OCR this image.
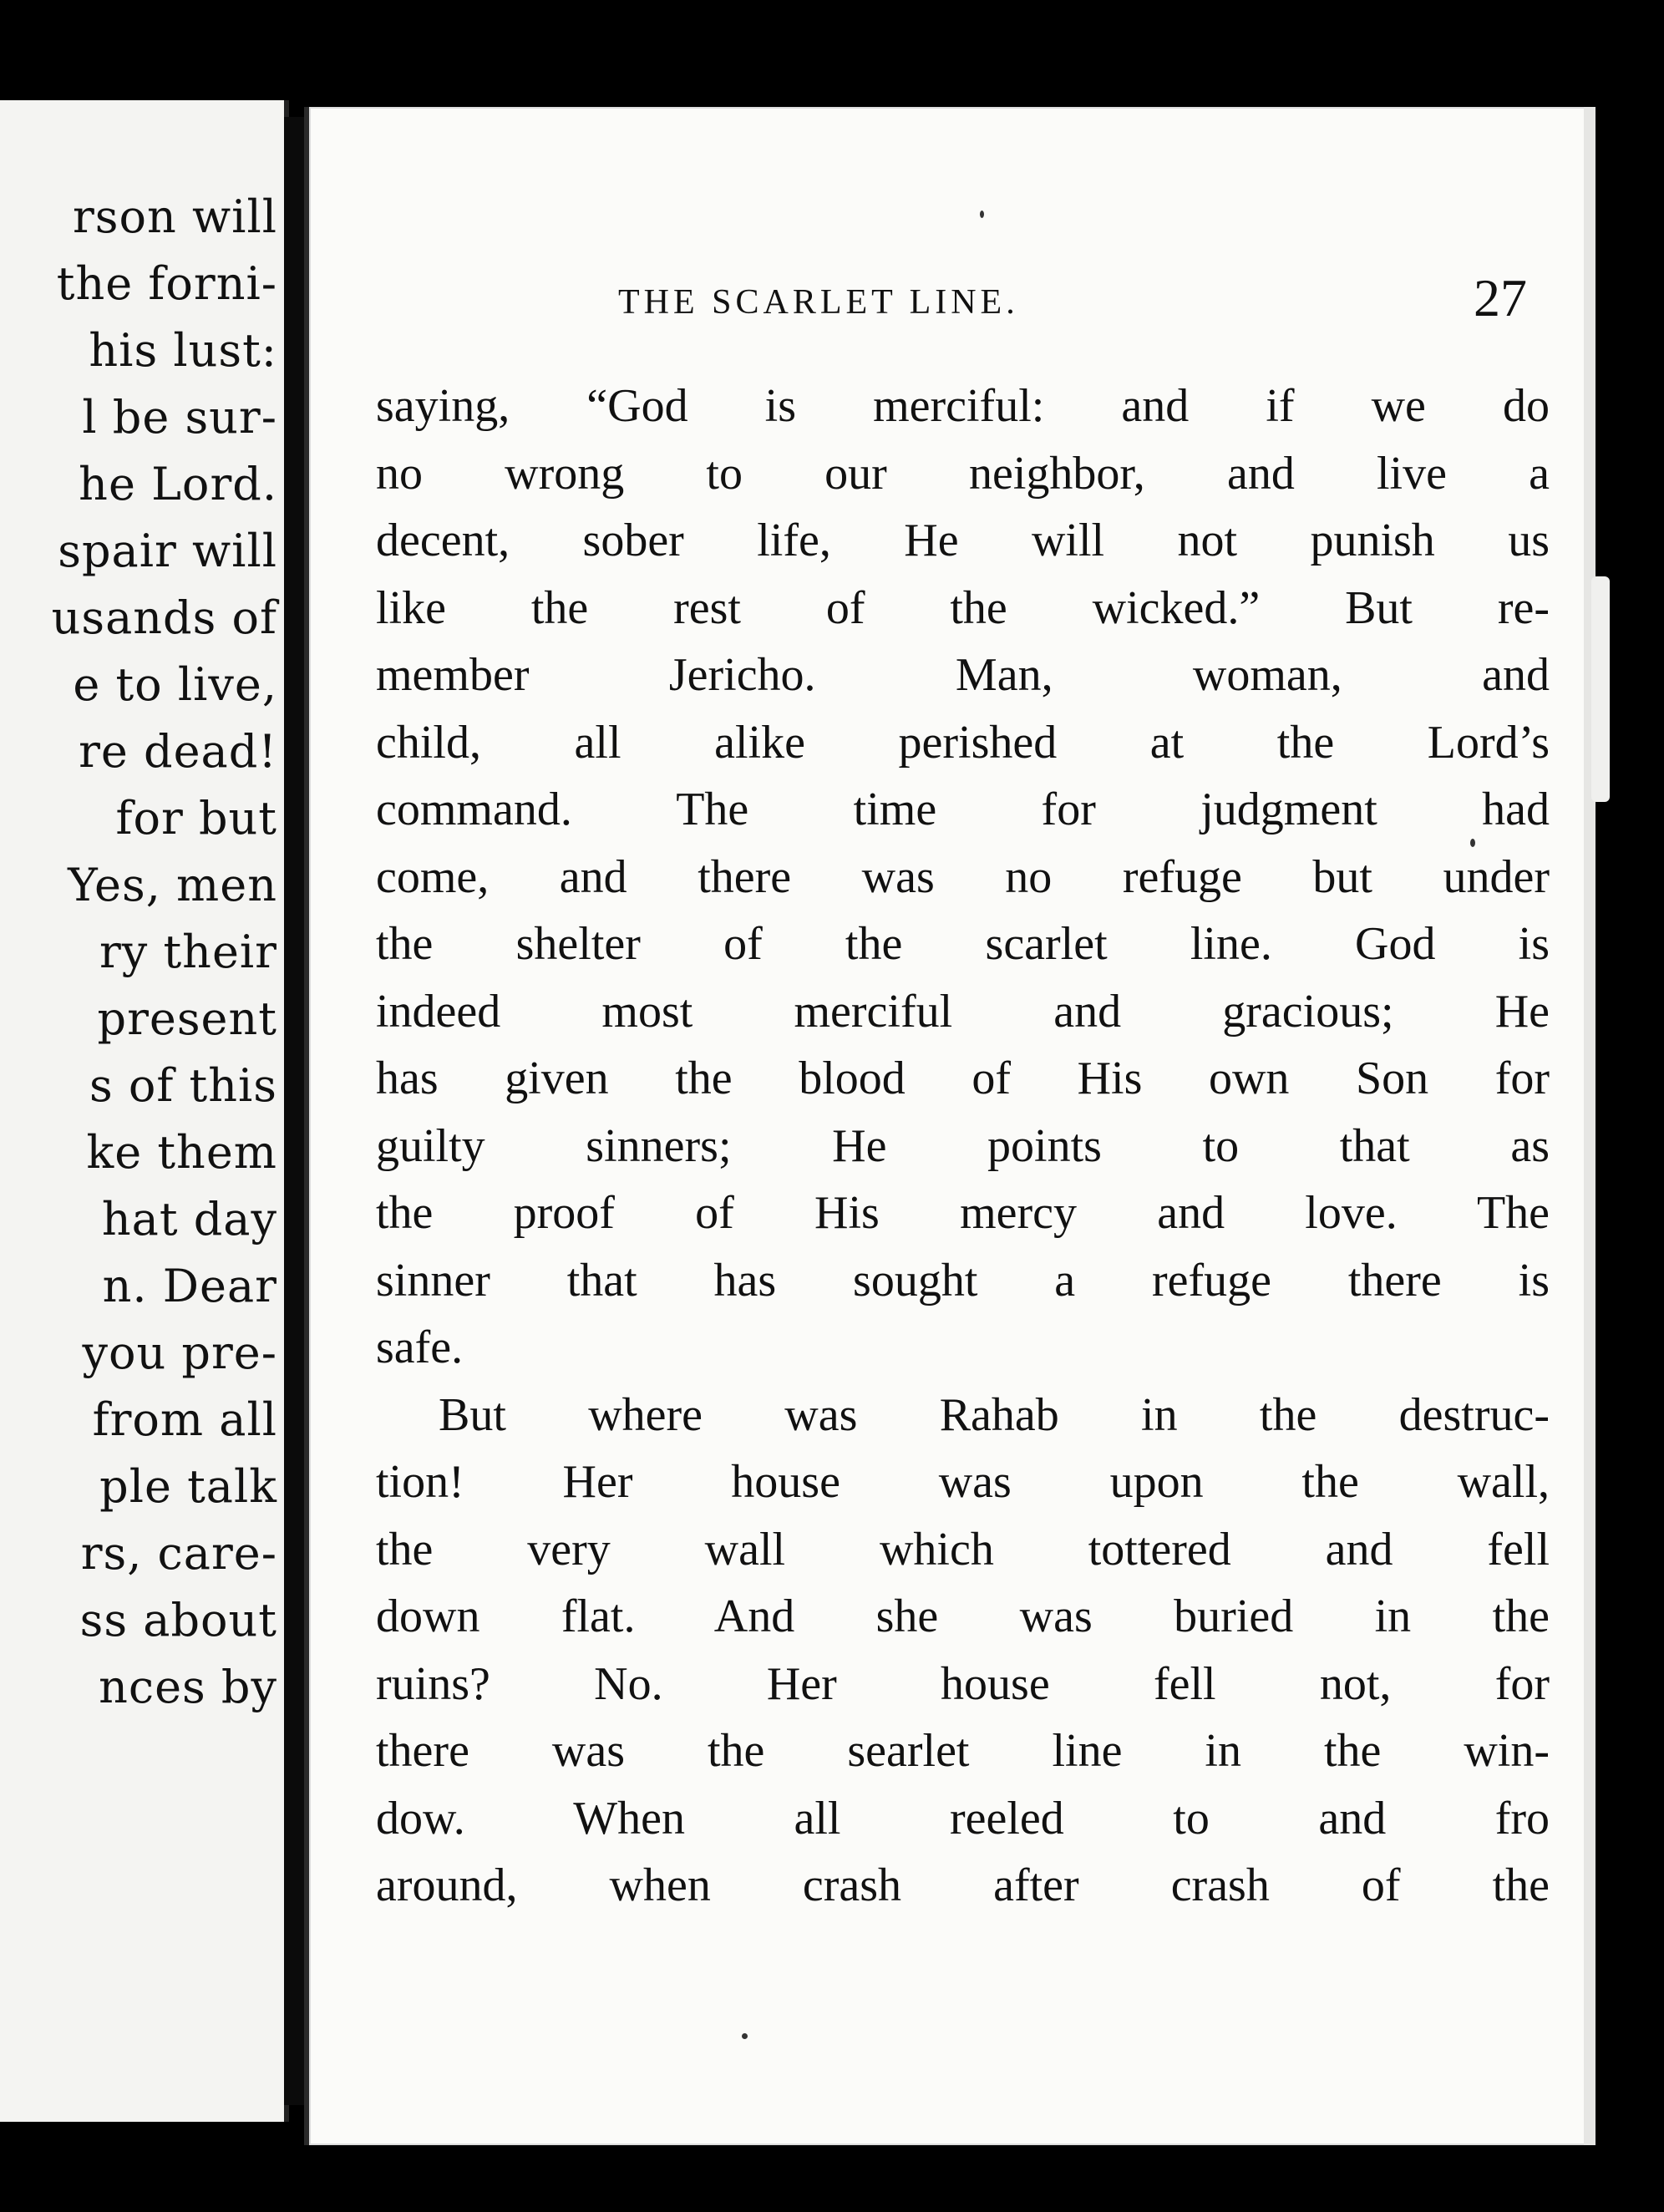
rson will
the forni-
his lust:
l be sur-
he Lord.
spair will
usands of
e to live,
re dead!
for but
Yes, men
ry their
present
s of this
ke them
hat day
n. Dear
you pre-
from all
ple talk
rs, care-
ss about
nces by
THE SCARLET LINE.	27
saying, “God is merciful: and if we do
no wrong to our neighbor, and live a
decent, sober life, He will not punish us
like the rest of the wicked.” But re-
member Jericho. Man, woman, and
child, all alike perished at the Lord’s
command. The time for judgment had
come, and there was no refuge but under
the shelter of the scarlet line. God is
indeed most merciful and gracious; He
has given the blood of His own Son for
guilty sinners; He points to that as
the proof of His mercy and love. The
sinner that has sought a refuge there is
safe.
But where was Rahab in the destruc-
tion! Her house was upon the wall,
the very wall which tottered and fell
down flat. And she was buried in the
ruins? No. Her house fell not, for
there was the searlet line in the win-
dow. When all reeled to and fro
around, when crash after crash of the
